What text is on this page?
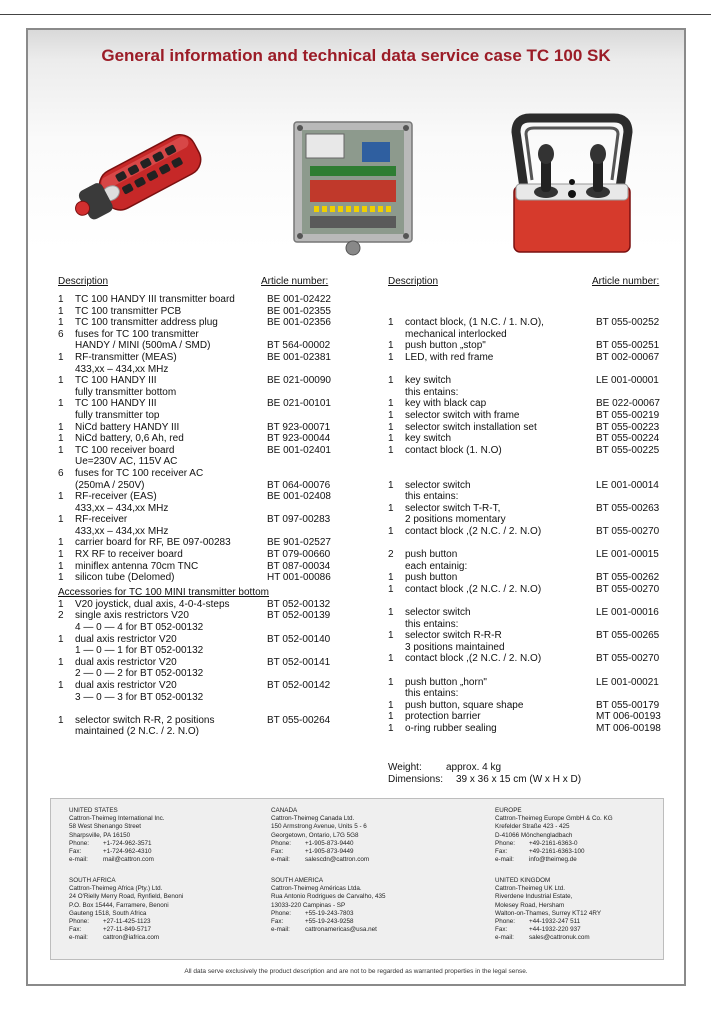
General information and technical data service case TC 100 SK
Description	Article number:
1 TC 100 HANDY III transmitter board	BE 001-02422
1 TC 100 transmitter PCB	BE 001-02355
1 TC 100 transmitter address plug	BE 001-02356
6 fuses for TC 100 transmitter
HANDY / MINI (500mA / SMD)	BT 564-00002
1 RF-transmitter (MEAS)	BE 001-02381
433,xx – 434,xx MHz
1 TC 100 HANDY III	BE 021-00090
fully transmitter bottom
1 TC 100 HANDY III	BE 021-00101
fully transmitter top
1 NiCd battery HANDY III	BT 923-00071
1 NiCd battery, 0,6 Ah, red	BT 923-00044
1 TC 100 receiver board	BE 001-02401
Ue=230V AC, 115V AC
6 fuses for TC 100 receiver AC
(250mA / 250V)	BT 064-00076
1 RF-receiver (EAS)	BE 001-02408
433,xx – 434,xx MHz
1 RF-receiver	BT 097-00283
433,xx – 434,xx MHz
1 carrier board for RF, BE 097-00283	BE 901-02527
1 RX RF to receiver board	BT 079-00660
1 miniflex antenna 70cm TNC	BT 087-00034
1 silicon tube (Delomed)	HT 001-00086
Accessories for TC 100 MINI transmitter bottom
1 V20 joystick, dual axis, 4-0-4-steps	BT 052-00132
2 single axis restrictors V20	BT 052-00139
4 — 0 — 4 for BT 052-00132
1 dual axis restrictor V20	BT 052-00140
1 — 0 — 1 for BT 052-00132
1 dual axis restrictor V20	BT 052-00141
2 — 0 — 2 for BT 052-00132
1 dual axis restrictor V20	BT 052-00142
3 — 0 — 3 for BT 052-00132
1 selector switch R-R, 2 positions	BT 055-00264
maintained (2 N.C. / 2. N.O)
Description	Article number:
1 contact block, (1 N.C. / 1. N.O),	BT 055-00252
mechanical interlocked
1 push button „stop"	BT 055-00251
1 LED, with red frame	BT 002-00067
1 key switch	LE 001-00001
this entains:
1 key with black cap	BE 022-00067
1 selector switch with frame	BT 055-00219
1 selector switch installation set	BT 055-00223
1 key switch	BT 055-00224
1 contact block (1. N.O)	BT 055-00225
1 selector switch	LE 001-00014
this entains:
1 selector switch T-R-T,	BT 055-00263
2 positions momentary
1 contact block ,(2 N.C. / 2. N.O)	BT 055-00270
2 push button	LE 001-00015
each entainig:
1 push button	BT 055-00262
1 contact block ,(2 N.C. / 2. N.O)	BT 055-00270
1 selector switch	LE 001-00016
this entains:
1 selector switch R-R-R	BT 055-00265
3 positions maintained
1 contact block ,(2 N.C. / 2. N.O)	BT 055-00270
1 push button „horn"	LE 001-00021
this entains:
1 push button, square shape	BT 055-00179
1 protection barrier	MT 006-00193
1 o-ring rubber sealing	MT 006-00198
Weight: approx. 4 kg
Dimensions: 39 x 36 x 15 cm (W x H x D)
UNITED STATES
Cattron-Theimeg International Inc.
58 West Shenango Street
Sharpsville, PA 16150
Phone: +1-724-962-3571
Fax:	+1-724-962-4310
e-mail: mail@cattron.com
CANADA
Cattron-Theimeg Canada Ltd.
150 Armstrong Avenue, Units 5 - 6
Georgetown, Ontario, L7G 5G8
Phone: +1-905-873-9440
Fax:	+1-905-873-9449
e-mail: salescdn@cattron.com
EUROPE
Cattron-Theimeg Europe GmbH & Co. KG
Krefelder Straße 423 - 425
D-41066 Mönchengladbach
Phone: +49-2161-6363-0
Fax:	+49-2161-6363-100
e-mail: info@theimeg.de
SOUTH AFRICA
Cattron-Theimeg Africa (Pty.) Ltd.
24 O'Rielly Merry Road, Rynfield, Benoni
P.O. Box 15444, Farramere, Benoni
Gauteng 1518, South Africa
Phone: +27-11-425-1123
Fax:	+27-11-849-5717
e-mail: cattron@iafrica.com
SOUTH AMERICA
Cattron-Theimeg Américas Ltda.
Rua Antonio Rodrigues de Carvalho, 435
13033-220 Campinas - SP
Phone: +55-19-243-7803
Fax:	+55-19-243-9258
e-mail: cattronamericas@usa.net
UNITED KINGDOM
Cattron-Theimeg UK Ltd.
Riverdene Industrial Estate,
Molesey Road, Hersham
Walton-on-Thames, Surrey KT12 4RY
Phone: +44-1932-247 511
Fax:	+44-1932-220 937
e-mail: sales@cattronuk.com
All data serve exclusively the product description and are not to be regarded as warranted properties in the legal sense.
